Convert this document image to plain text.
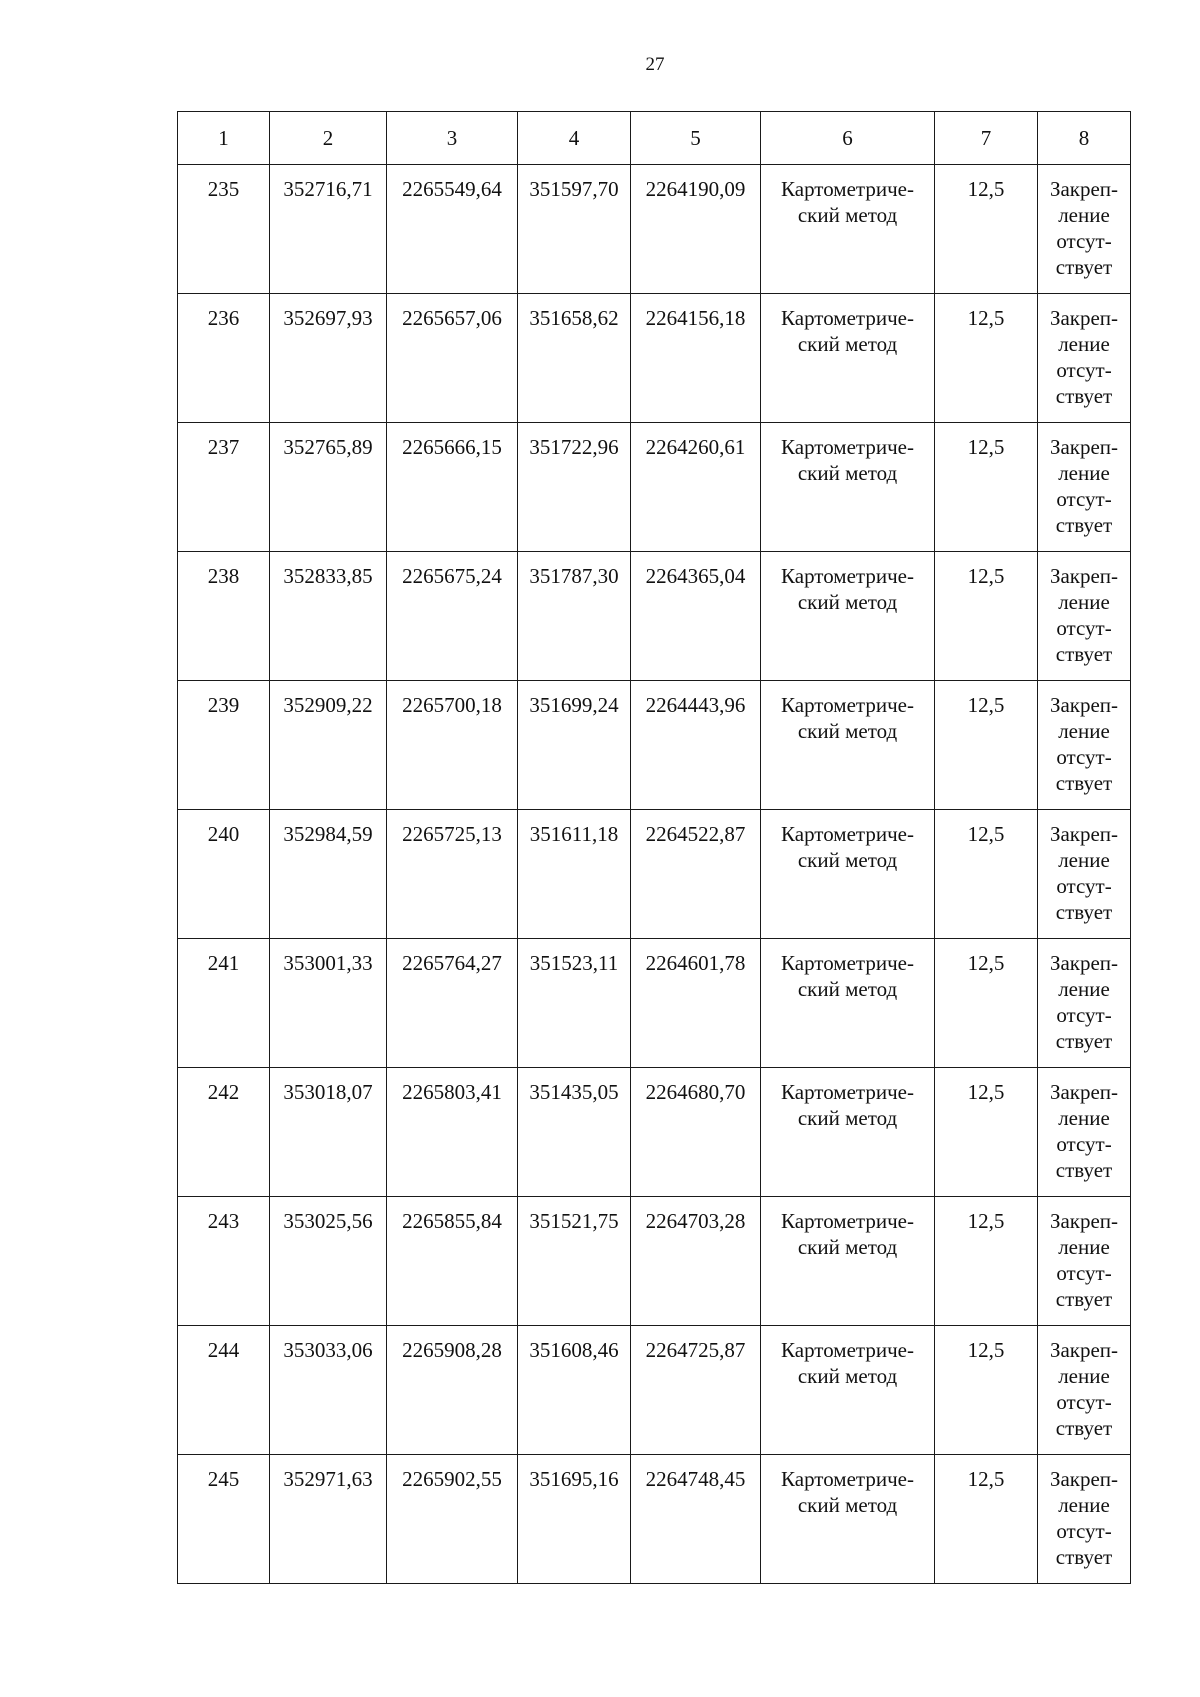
27
1	2	3	4	5	6	7	8
235	352716,71	2265549,64	351597,70	2264190,09	Картометриче-ский метод	12,5	Закреп-ление отсут-ствует
236	352697,93	2265657,06	351658,62	2264156,18	Картометриче-ский метод	12,5	Закреп-ление отсут-ствует
237	352765,89	2265666,15	351722,96	2264260,61	Картометриче-ский метод	12,5	Закреп-ление отсут-ствует
238	352833,85	2265675,24	351787,30	2264365,04	Картометриче-ский метод	12,5	Закреп-ление отсут-ствует
239	352909,22	2265700,18	351699,24	2264443,96	Картометриче-ский метод	12,5	Закреп-ление отсут-ствует
240	352984,59	2265725,13	351611,18	2264522,87	Картометриче-ский метод	12,5	Закреп-ление отсут-ствует
241	353001,33	2265764,27	351523,11	2264601,78	Картометриче-ский метод	12,5	Закреп-ление отсут-ствует
242	353018,07	2265803,41	351435,05	2264680,70	Картометриче-ский метод	12,5	Закреп-ление отсут-ствует
243	353025,56	2265855,84	351521,75	2264703,28	Картометриче-ский метод	12,5	Закреп-ление отсут-ствует
244	353033,06	2265908,28	351608,46	2264725,87	Картометриче-ский метод	12,5	Закреп-ление отсут-ствует
245	352971,63	2265902,55	351695,16	2264748,45	Картометриче-ский метод	12,5	Закреп-ление отсут-ствует
